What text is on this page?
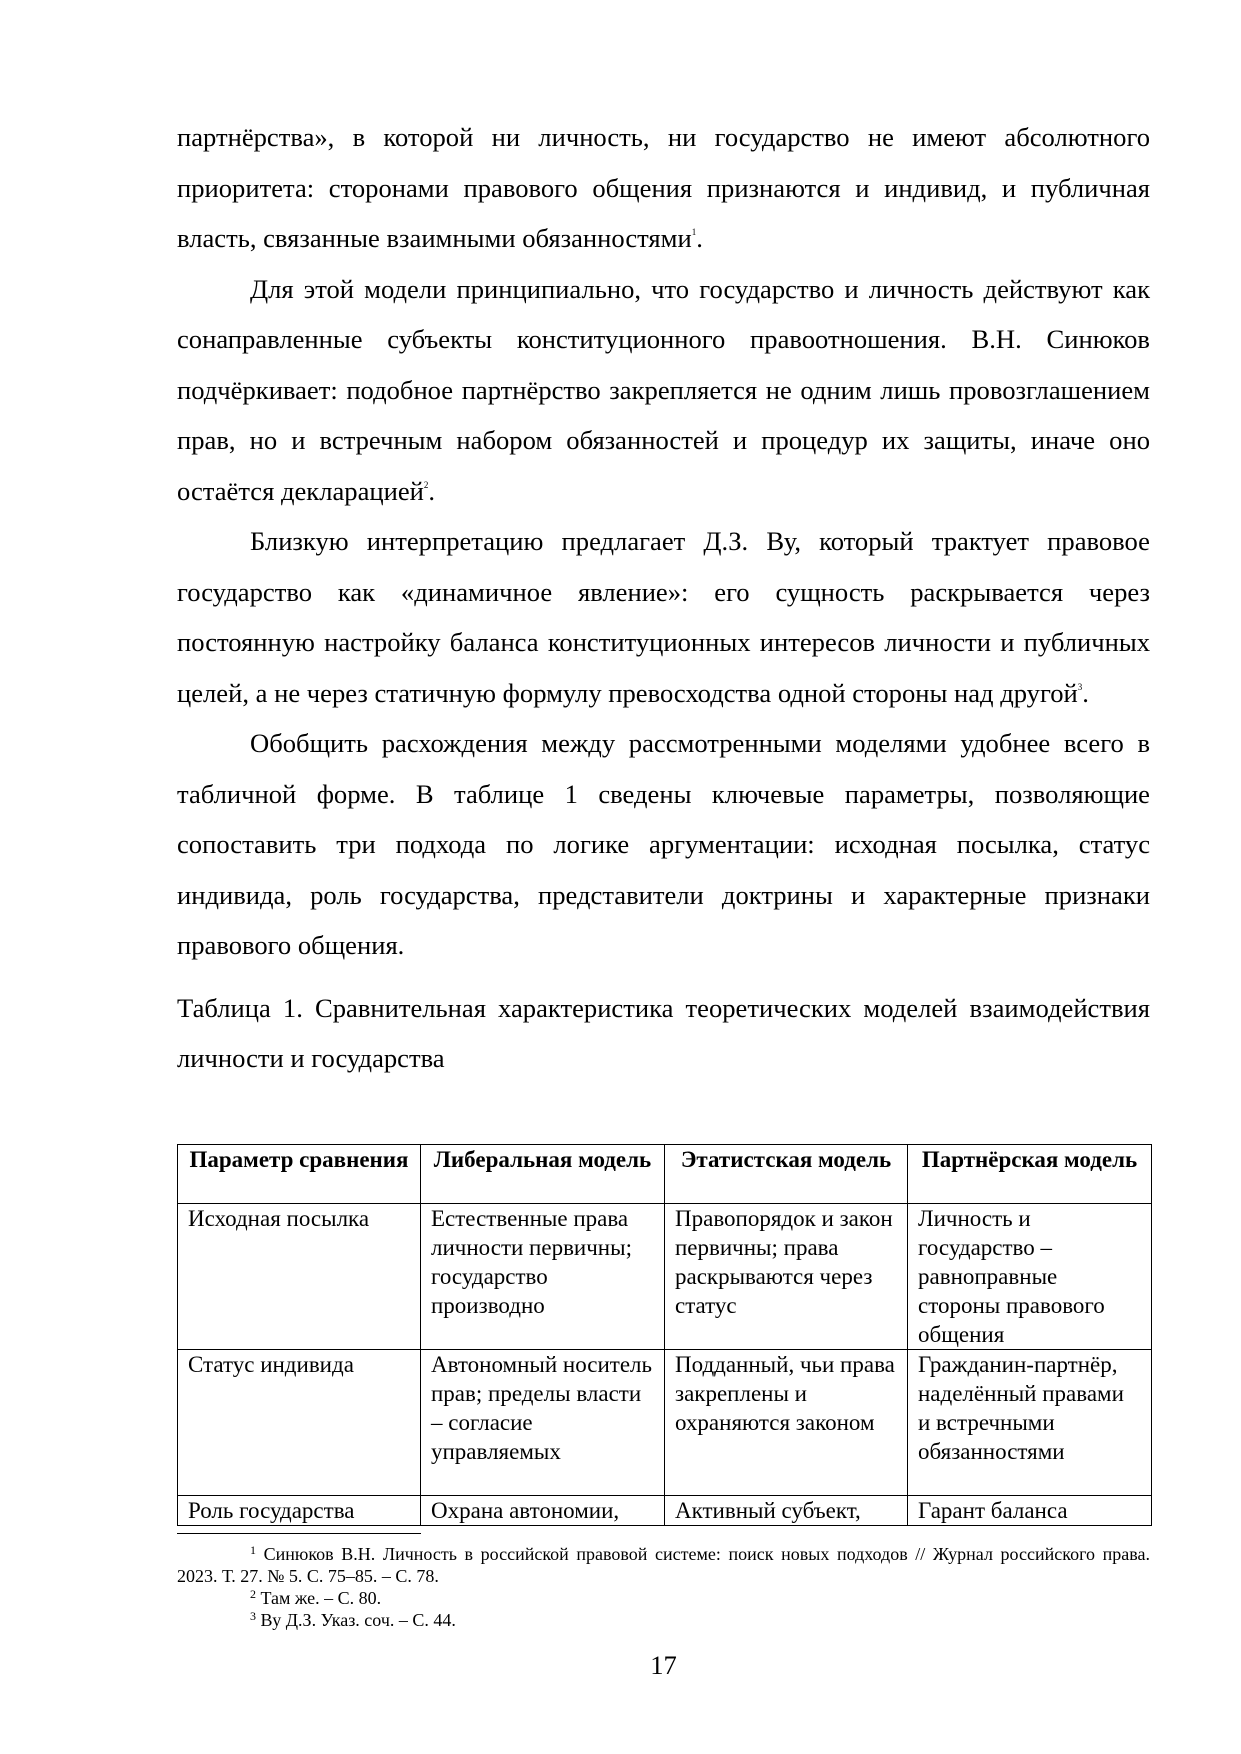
партнёрства», в которой ни личность, ни государство не имеют абсолютного приоритета: сторонами правового общения признаются и индивид, и публичная власть, связанные взаимными обязанностями$^1$.

Для этой модели принципиально, что государство и личность действуют как сонаправленные субъекты конституционного правоотношения. В.Н. Синюков подчёркивает: подобное партнёрство закрепляется не одним лишь провозглашением прав, но и встречным набором обязанностей и процедур их защиты, иначе оно остаётся декларацией$^2$.

Близкую интерпретацию предлагает Д.З. Ву, который трактует правовое государство как «динамичное явление»: его сущность раскрывается через постоянную настройку баланса конституционных интересов личности и публичных целей, а не через статичную формулу превосходства одной стороны над другой$^3$.

Обобщить расхождения между рассмотренными моделями удобнее всего в табличной форме. В таблице 1 сведены ключевые параметры, позволяющие сопоставить три подхода по логике аргументации: исходная посылка, статус индивида, роль государства, представители доктрины и характерные признаки правового общения.

Таблица 1. Сравнительная характеристика теоретических моделей взаимодействия личности и государства

Параметр сравнения	Либеральная модель	Этатистская модель	Партнёрская модель
Исходная посылка	Естественные права личности первичны; государство производно	Правопорядок и закон первичны; права раскрываются через статус	Личность и государство – равноправные стороны правового общения
Статус индивида	Автономный носитель прав; пределы власти – согласие управляемых	Подданный, чьи права закреплены и охраняются законом	Гражданин-партнёр, наделённый правами и встречными обязанностями
Роль государства	Охрана автономии,	Активный субъект,	Гарант баланса

$^1$ Синюков В.Н. Личность в российской правовой системе: поиск новых подходов // Журнал российского права. 2023. Т. 27. № 5. С. 75–85. – С. 78.

$^2$ Там же. – С. 80.

$^3$ Ву Д.З. Указ. соч. – С. 44.

17
